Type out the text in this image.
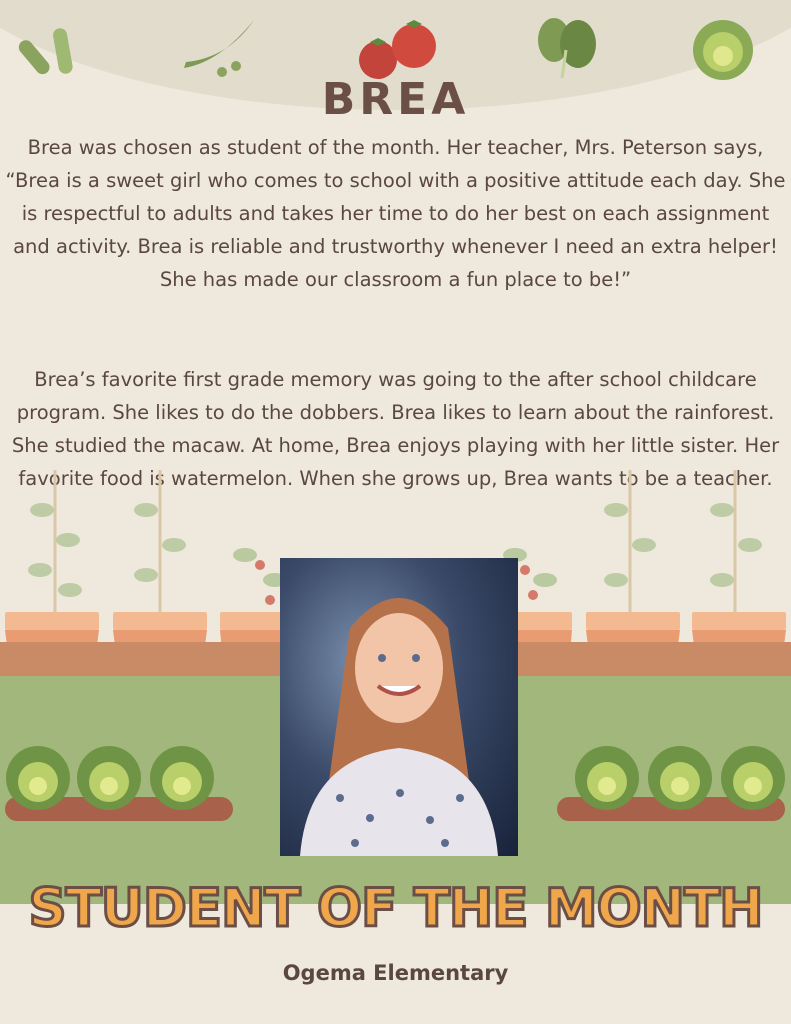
BREA
Brea was chosen as student of the month. Her teacher, Mrs. Peterson says, “Brea is a sweet girl who comes to school with a positive attitude each day. She is respectful to adults and takes her time to do her best on each assignment and activity. Brea is reliable and trustworthy whenever I need an extra helper! She has made our classroom a fun place to be!”
Brea’s favorite first grade memory was going to the after school childcare program. She likes to do the dobbers. Brea likes to learn about the rainforest. She studied the macaw. At home, Brea enjoys playing with her little sister. Her favorite food is watermelon. When she grows up, Brea wants to be a teacher.
STUDENT OF THE MONTH
Ogema Elementary
